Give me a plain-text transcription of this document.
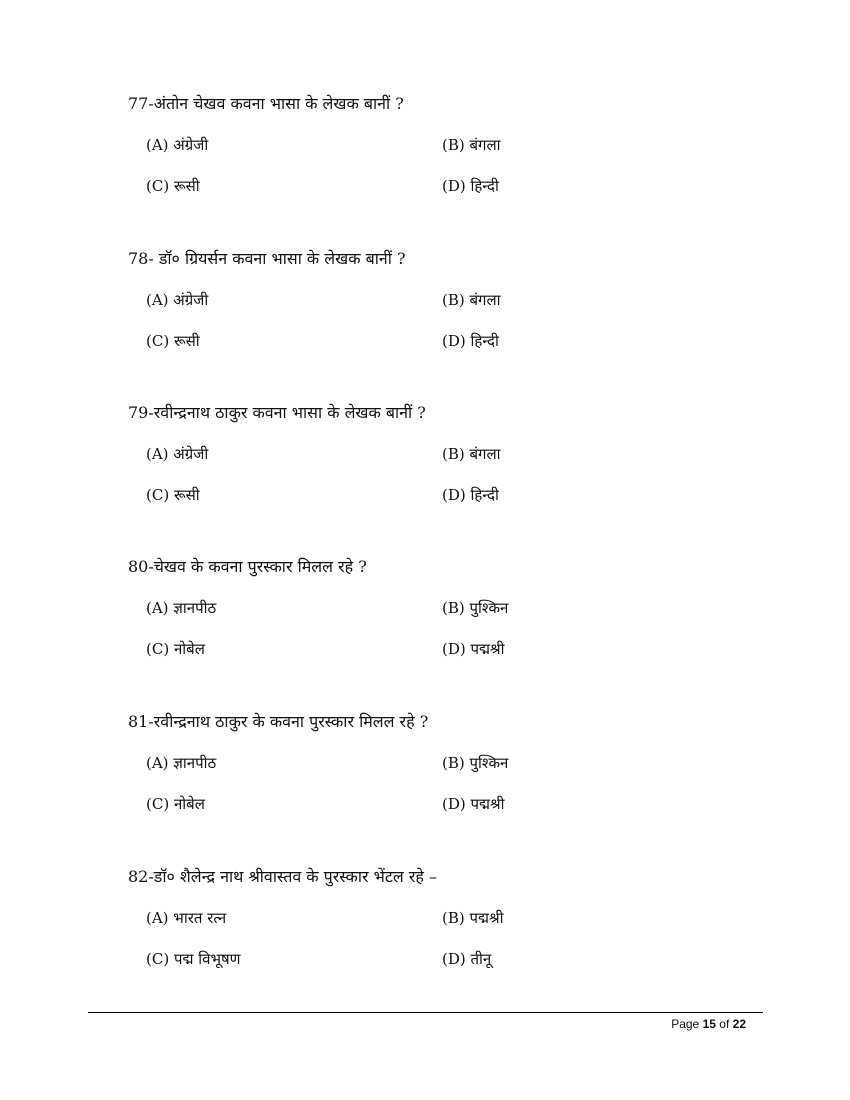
77-अंतोन चेखव कवना भासा के लेखक बानीं ?

(A) अंग्रेजी	(B) बंगला
(C) रूसी	(D) हिन्दी

78- डॉ० ग्रियर्सन कवना भासा के लेखक बानीं ?

(A) अंग्रेजी	(B) बंगला
(C) रूसी	(D) हिन्दी

79-रवीन्द्रनाथ ठाकुर कवना भासा के लेखक बानीं ?

(A) अंग्रेजी	(B) बंगला
(C) रूसी	(D) हिन्दी

80-चेखव के कवना पुरस्कार मिलल रहे ?

(A) ज्ञानपीठ	(B) पुश्किन
(C) नोबेल	(D) पद्मश्री

81-रवीन्द्रनाथ ठाकुर के कवना पुरस्कार मिलल रहे ?

(A) ज्ञानपीठ	(B) पुश्किन
(C) नोबेल	(D) पद्मश्री

82-डॉ० शैलेन्द्र नाथ श्रीवास्तव के पुरस्कार भेंटल रहे –

(A) भारत रत्न	(B) पद्मश्री
(C) पद्म विभूषण	(D) तीनू
Page 15 of 22
